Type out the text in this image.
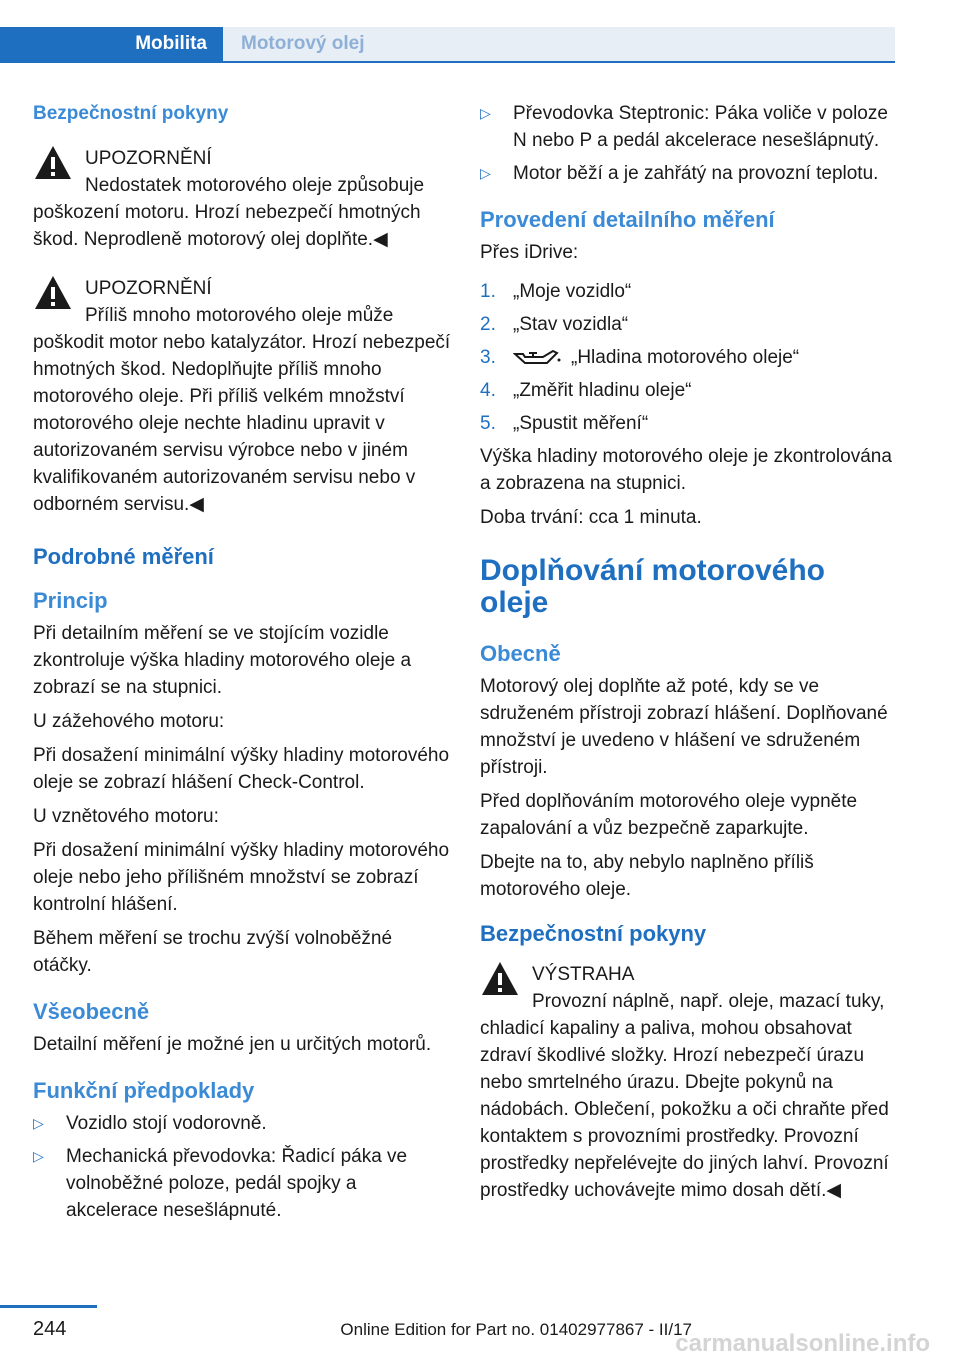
Mobilita	Motorový olej
Bezpečnostní pokyny
UPOZORNĚNÍ
Nedostatek motorového oleje způsobuje poškození motoru. Hrozí nebezpečí hmotných škod. Neprodleně motorový olej doplňte.◀
UPOZORNĚNÍ
Příliš mnoho motorového oleje může poškodit motor nebo katalyzátor. Hrozí nebezpečí hmotných škod. Nedoplňujte příliš mnoho motorového oleje. Při příliš velkém množství motorového oleje nechte hladinu upravit v autorizovaném servisu výrobce nebo v jiném kvalifikovaném autorizovaném servisu nebo v odborném servisu.◀
Podrobné měření
Princip

Při detailním měření se ve stojícím vozidle zkontroluje výška hladiny motorového oleje a zobrazí se na stupnici.

U zážehového motoru:

Při dosažení minimální výšky hladiny motorového oleje se zobrazí hlášení Check-Control.

U vznětového motoru:

Při dosažení minimální výšky hladiny motorového oleje nebo jeho přílišném množství se zobrazí kontrolní hlášení.

Během měření se trochu zvýší volnoběžné otáčky.

Všeobecně

Detailní měření je možné jen u určitých motorů.

Funkční předpoklady
▷ Vozidlo stojí vodorovně.
▷ Mechanická převodovka: Řadicí páka ve volnoběžné poloze, pedál spojky a akcelerace nesešlápnuté.
▷ Převodovka Steptronic: Páka voliče v poloze N nebo P a pedál akcelerace nesešlápnutý.
▷ Motor běží a je zahřátý na provozní teplotu.
Provedení detailního měření

Přes iDrive:

1. „Moje vozidlo“
2. „Stav vozidla“
3.	„Hladina motorového oleje“
4. „Změřit hladinu oleje“
5. „Spustit měření“

Výška hladiny motorového oleje je zkontrolována a zobrazena na stupnici.

Doba trvání: cca 1 minuta.

Doplňování motorového oleje
Obecně

Motorový olej doplňte až poté, kdy se ve sdruženém přístroji zobrazí hlášení. Doplňované množství je uvedeno v hlášení ve sdruženém přístroji.

Před doplňováním motorového oleje vypněte zapalování a vůz bezpečně zaparkujte.

Dbejte na to, aby nebylo naplněno příliš motorového oleje.

Bezpečnostní pokyny
VÝSTRAHA
Provozní náplně, např. oleje, mazací tuky, chladicí kapaliny a paliva, mohou obsahovat zdraví škodlivé složky. Hrozí nebezpečí úrazu nebo smrtelného úrazu. Dbejte pokynů na nádobách. Oblečení, pokožku a oči chraňte před kontaktem s provozními prostředky. Provozní prostředky nepřelévejte do jiných lahví. Provozní prostředky uchovávejte mimo dosah dětí.◀
244	Online Edition for Part no. 01402977867 - II/17
carmanualsonline.info
